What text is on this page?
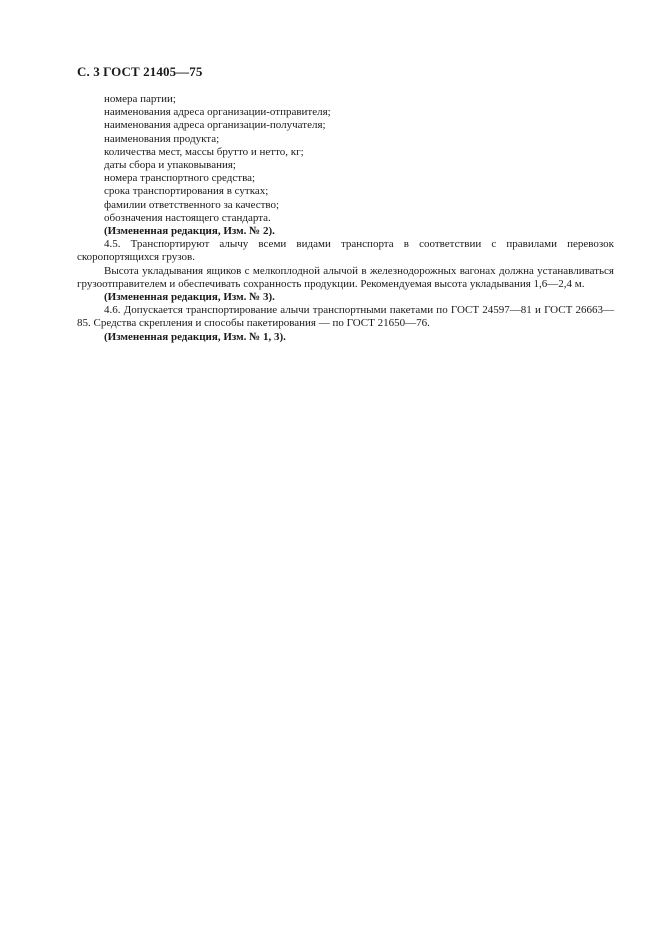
С. 3 ГОСТ 21405—75

номера партии;

наименования адреса организации-отправителя;

наименования адреса организации-получателя;

наименования продукта;

количества мест, массы брутто и нетто, кг;

даты сбора и упаковывания;

номера транспортного средства;

срока транспортирования в сутках;

фамилии ответственного за качество;

обозначения настоящего стандарта.

(Измененная редакция, Изм. № 2).

4.5. Транспортируют алычу всеми видами транспорта в соответствии с правилами перевозок скоропортящихся грузов.

Высота укладывания ящиков с мелкоплодной алычой в железнодорожных вагонах должна устанавливаться грузоотправителем и обеспечивать сохранность продукции. Рекомендуемая высота укладывания 1,6—2,4 м.

(Измененная редакция, Изм. № 3).

4.6. Допускается транспортирование алычи транспортными пакетами по ГОСТ 24597—81 и ГОСТ 26663—85. Средства скрепления и способы пакетирования — по ГОСТ 21650—76.

(Измененная редакция, Изм. № 1, 3).
